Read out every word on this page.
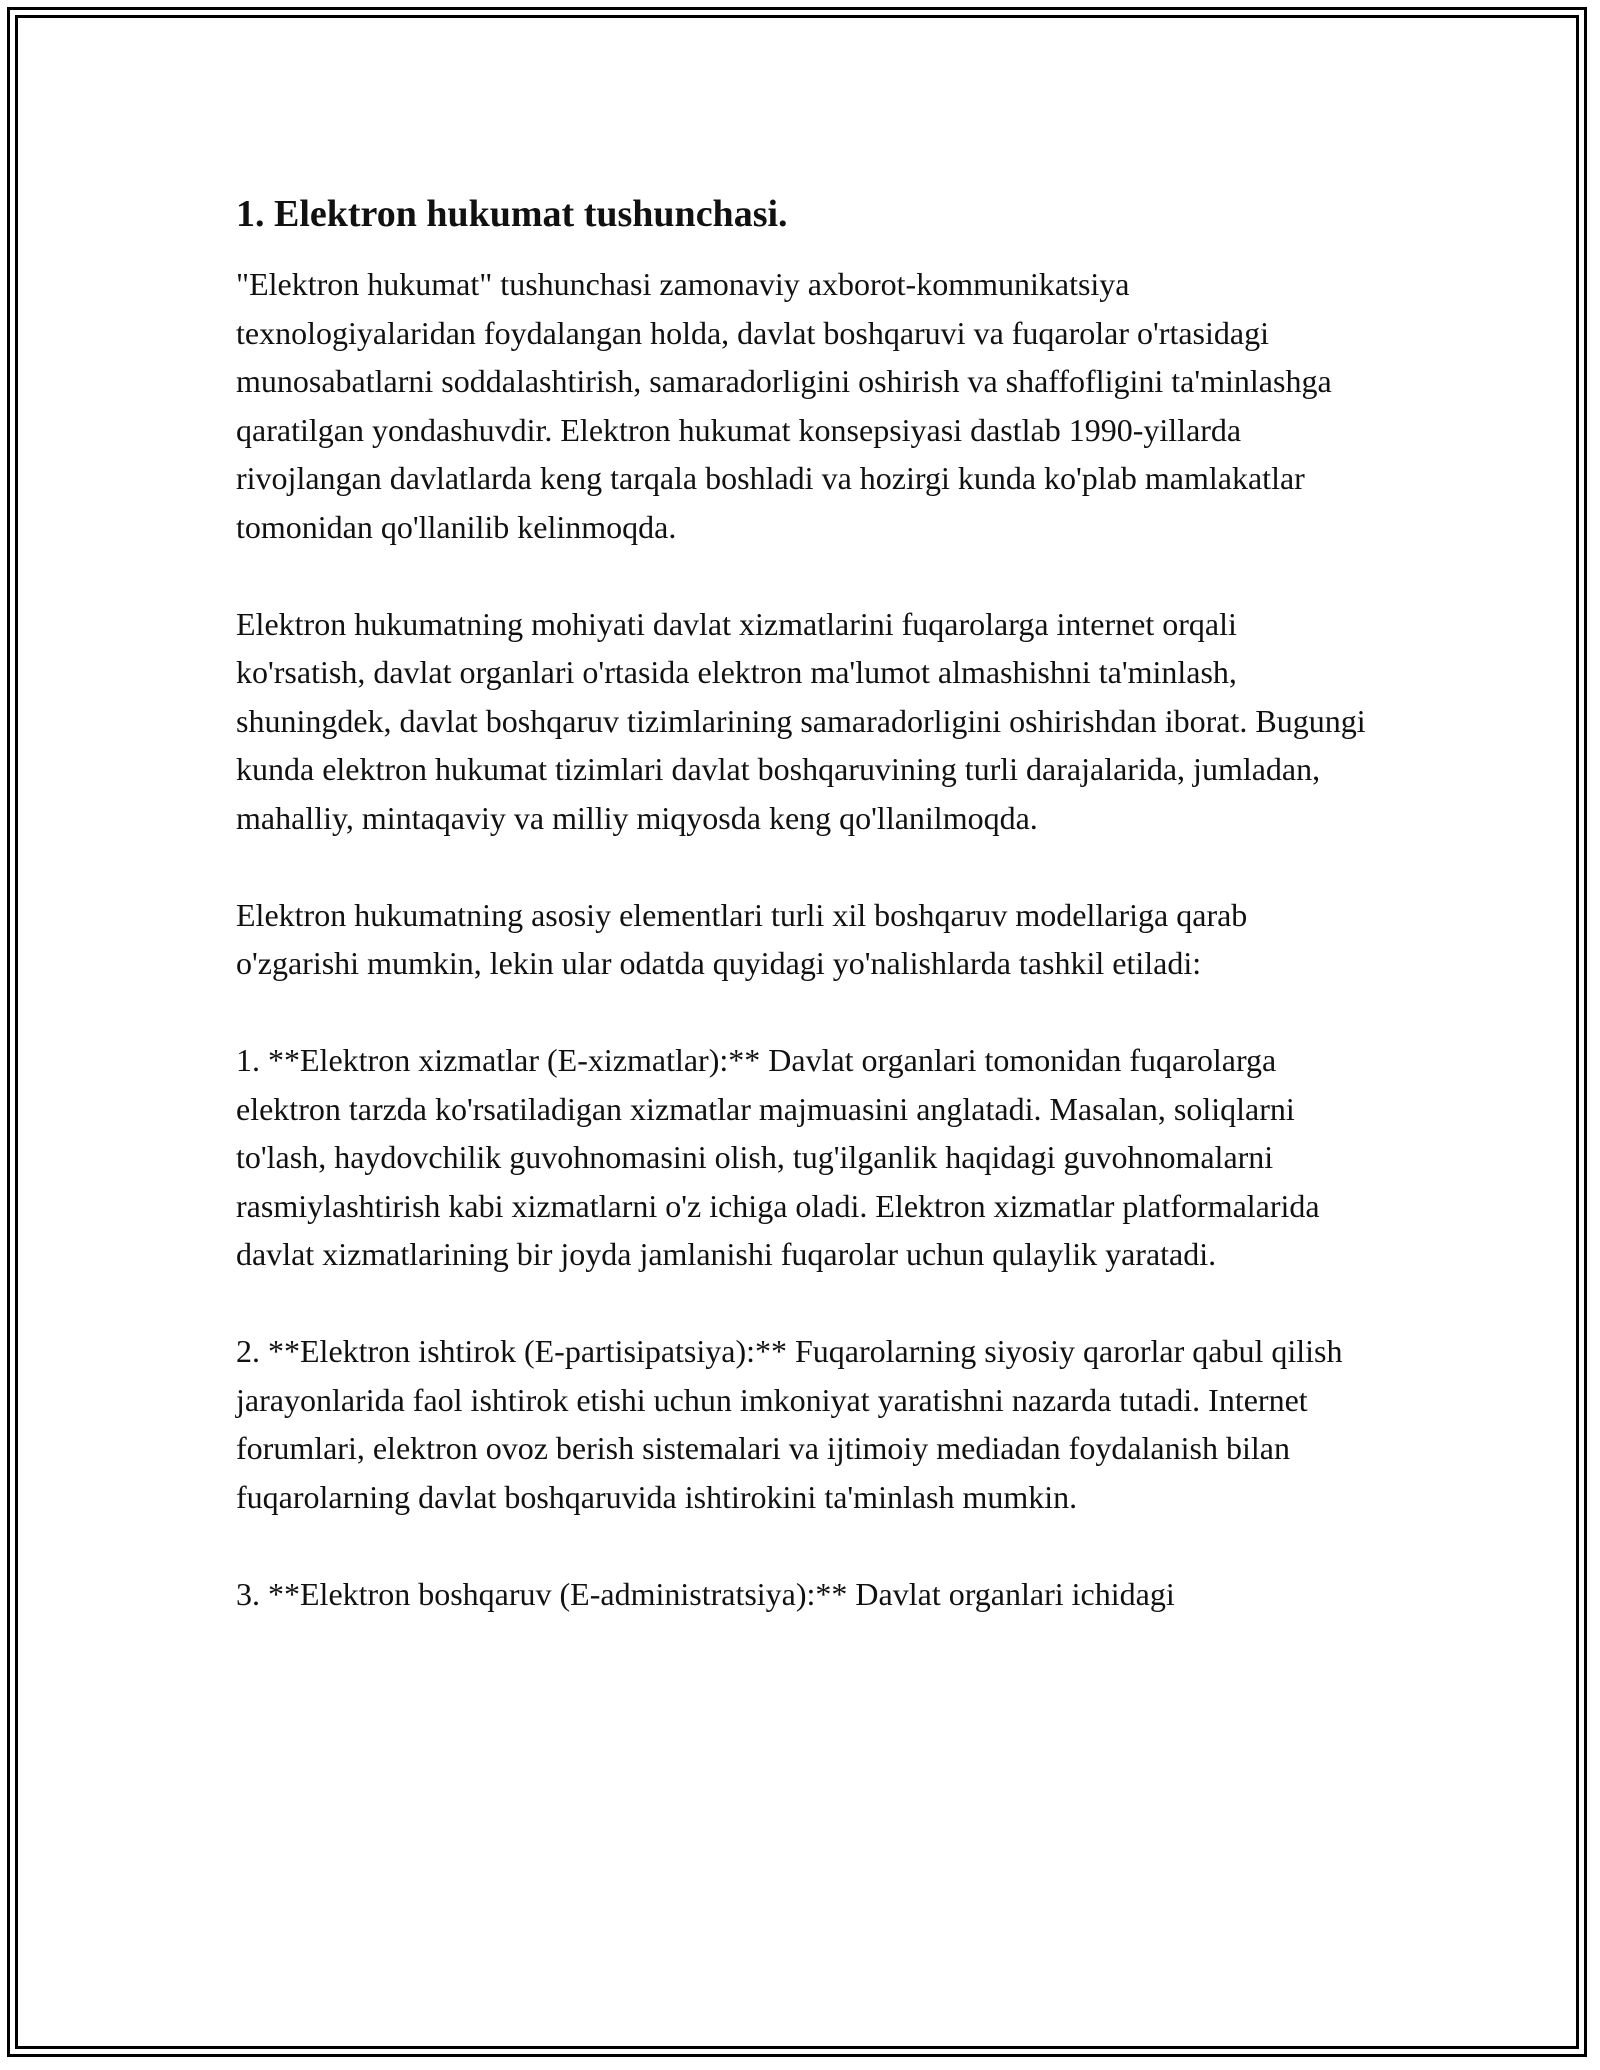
1. Elektron hukumat tushunchasi.

"Elektron hukumat" tushunchasi zamonaviy axborot-kommunikatsiya texnologiyalaridan foydalangan holda, davlat boshqaruvi va fuqarolar o'rtasidagi munosabatlarni soddalashtirish, samaradorligini oshirish va shaffofligini ta'minlashga qaratilgan yondashuvdir. Elektron hukumat konsepsiyasi dastlab 1990-yillarda rivojlangan davlatlarda keng tarqala boshladi va hozirgi kunda ko'plab mamlakatlar tomonidan qo'llanilib kelinmoqda.

Elektron hukumatning mohiyati davlat xizmatlarini fuqarolarga internet orqali ko'rsatish, davlat organlari o'rtasida elektron ma'lumot almashishni ta'minlash, shuningdek, davlat boshqaruv tizimlarining samaradorligini oshirishdan iborat. Bugungi kunda elektron hukumat tizimlari davlat boshqaruvining turli darajalarida, jumladan, mahalliy, mintaqaviy va milliy miqyosda keng qo'llanilmoqda.

Elektron hukumatning asosiy elementlari turli xil boshqaruv modellariga qarab o'zgarishi mumkin, lekin ular odatda quyidagi yo'nalishlarda tashkil etiladi:

1. **Elektron xizmatlar (E-xizmatlar):** Davlat organlari tomonidan fuqarolarga elektron tarzda ko'rsatiladigan xizmatlar majmuasini anglatadi. Masalan, soliqlarni to'lash, haydovchilik guvohnomasini olish, tug'ilganlik haqidagi guvohnomalarni rasmiylashtirish kabi xizmatlarni o'z ichiga oladi. Elektron xizmatlar platformalarida davlat xizmatlarining bir joyda jamlanishi fuqarolar uchun qulaylik yaratadi.

2. **Elektron ishtirok (E-partisipatsiya):** Fuqarolarning siyosiy qarorlar qabul qilish jarayonlarida faol ishtirok etishi uchun imkoniyat yaratishni nazarda tutadi. Internet forumlari, elektron ovoz berish sistemalari va ijtimoiy mediadan foydalanish bilan fuqarolarning davlat boshqaruvida ishtirokini ta'minlash mumkin.

3. **Elektron boshqaruv (E-administratsiya):** Davlat organlari ichidagi
